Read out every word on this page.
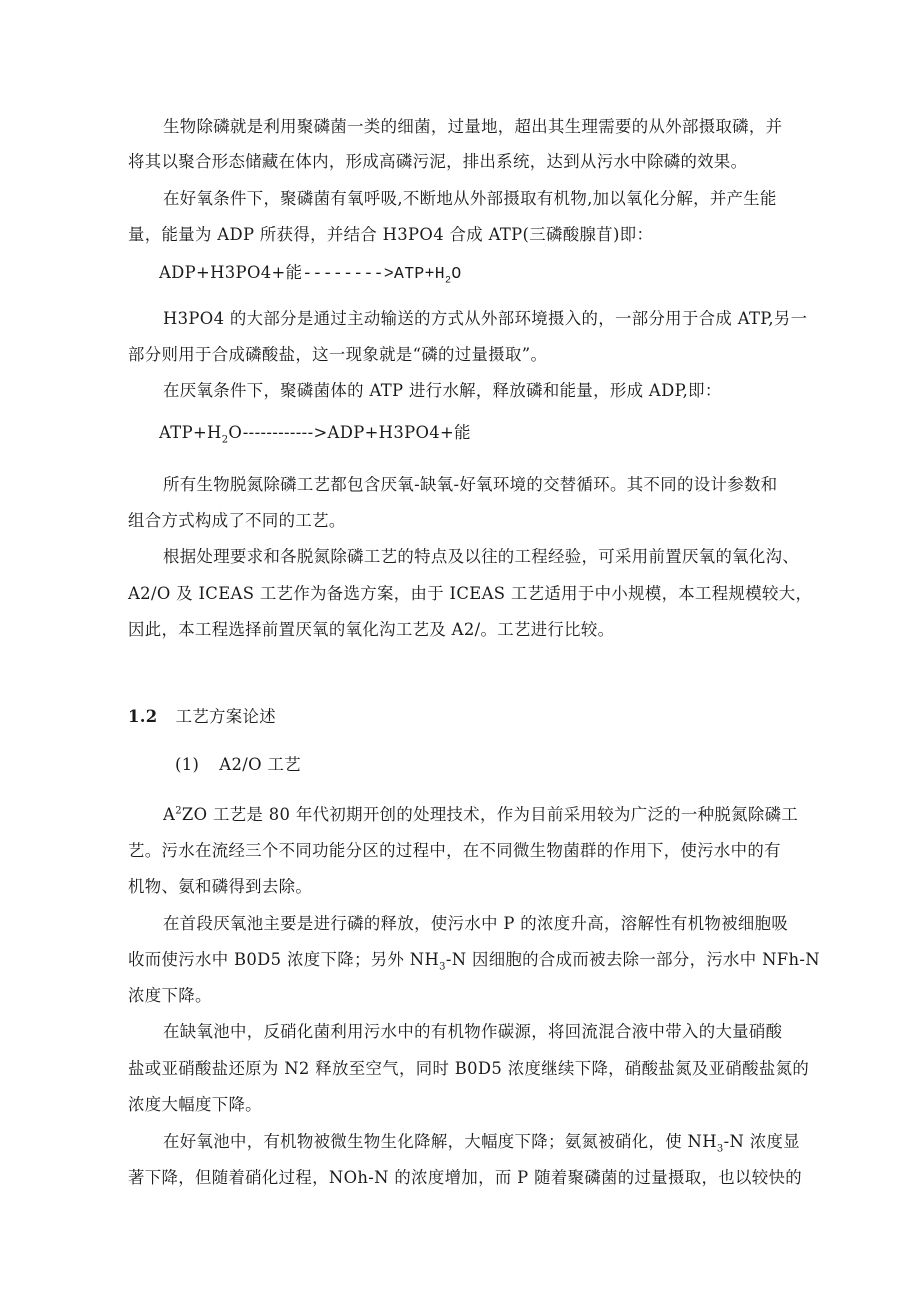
生物除磷就是利用聚磷菌一类的细菌，过量地，超出其生理需要的从外部摄取磷，并
将其以聚合形态储藏在体内，形成高磷污泥，排出系统，达到从污水中除磷的效果。
在好氧条件下，聚磷菌有氧呼吸,不断地从外部摄取有机物,加以氧化分解，并产生能
量，能量为 ADP 所获得，并结合 H3PO4 合成 ATP(三磷酸腺苜)即：
ADP+H3PO4+能$-------->ATP+H_2O$
H3PO4 的大部分是通过主动输送的方式从外部环境摄入的，一部分用于合成 ATP,另一
部分则用于合成磷酸盐，这一现象就是“磷的过量摄取”。
在厌氧条件下，聚磷菌体的 ATP 进行水解，释放磷和能量，形成 ADP,即：
$ATP+H_2O------------>ADP+H3PO4+$能
所有生物脱氮除磷工艺都包含厌氧-缺氧-好氧环境的交替循环。其不同的设计参数和
组合方式构成了不同的工艺。
根据处理要求和各脱氮除磷工艺的特点及以往的工程经验，可采用前置厌氧的氧化沟、
A2/O 及 ICEAS 工艺作为备选方案，由于 ICEAS 工艺适用于中小规模，本工程规模较大，
因此，本工程选择前置厌氧的氧化沟工艺及 A2/。工艺进行比较。
1.2 工艺方案论述
(1) A2/O 工艺
$A^2ZO$ 工艺是 80 年代初期开创的处理技术，作为目前采用较为广泛的一种脱氮除磷工
艺。污水在流经三个不同功能分区的过程中，在不同微生物菌群的作用下，使污水中的有
机物、氨和磷得到去除。
在首段厌氧池主要是进行磷的释放，使污水中 P 的浓度升高，溶解性有机物被细胞吸
收而使污水中 B0D5 浓度下降；另外 $NH_3-N$ 因细胞的合成而被去除一部分，污水中 NFh-N
浓度下降。
在缺氧池中，反硝化菌利用污水中的有机物作碳源，将回流混合液中带入的大量硝酸
盐或亚硝酸盐还原为 N2 释放至空气，同时 B0D5 浓度继续下降，硝酸盐氮及亚硝酸盐氮的
浓度大幅度下降。
在好氧池中，有机物被微生物生化降解，大幅度下降；氨氮被硝化，使 $NH_3-N$ 浓度显
著下降，但随着硝化过程，NOh-N 的浓度增加，而 P 随着聚磷菌的过量摄取，也以较快的
